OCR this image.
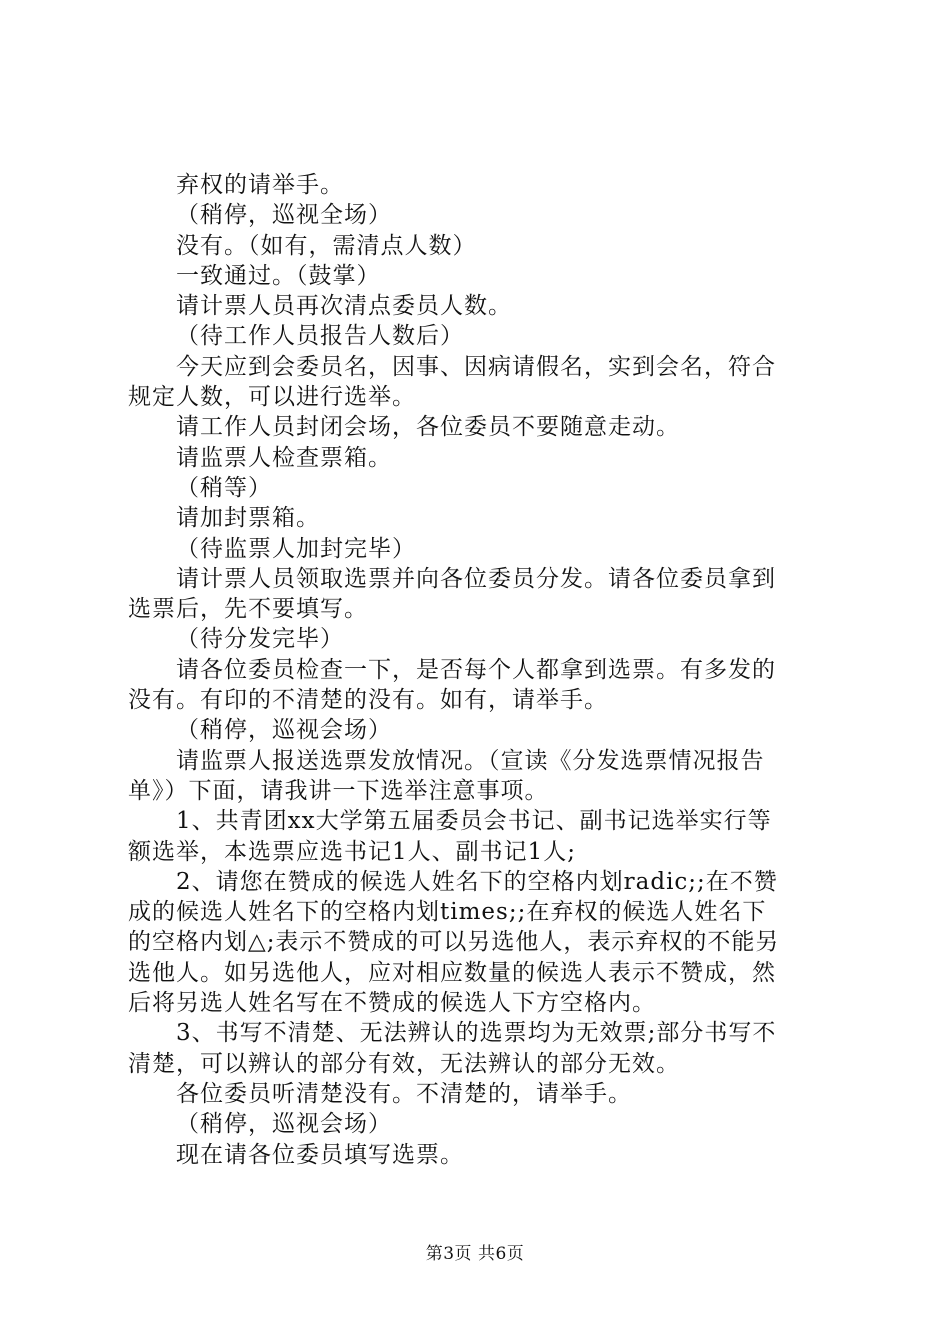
弃权的请举手。
（稍停，巡视全场）
没有。（如有，需清点人数）
一致通过。（鼓掌）
请计票人员再次清点委员人数。
（待工作人员报告人数后）
今天应到会委员名，因事、因病请假名，实到会名，符合
规定人数，可以进行选举。
请工作人员封闭会场，各位委员不要随意走动。
请监票人检查票箱。
（稍等）
请加封票箱。
（待监票人加封完毕）
请计票人员领取选票并向各位委员分发。请各位委员拿到
选票后，先不要填写。
（待分发完毕）
请各位委员检查一下，是否每个人都拿到选票。有多发的
没有。有印的不清楚的没有。如有，请举手。
（稍停，巡视会场）
请监票人报送选票发放情况。（宣读《分发选票情况报告
单》）下面，请我讲一下选举注意事项。
1、共青团xx大学第五届委员会书记、副书记选举实行等
额选举，本选票应选书记1人、副书记1人;
2、请您在赞成的候选人姓名下的空格内划radic;;在不赞
成的候选人姓名下的空格内划times;;在弃权的候选人姓名下
的空格内划△;表示不赞成的可以另选他人，表示弃权的不能另
选他人。如另选他人，应对相应数量的候选人表示不赞成，然
后将另选人姓名写在不赞成的候选人下方空格内。
3、书写不清楚、无法辨认的选票均为无效票;部分书写不
清楚，可以辨认的部分有效，无法辨认的部分无效。
各位委员听清楚没有。不清楚的，请举手。
（稍停，巡视会场）
现在请各位委员填写选票。
第3页 共6页
